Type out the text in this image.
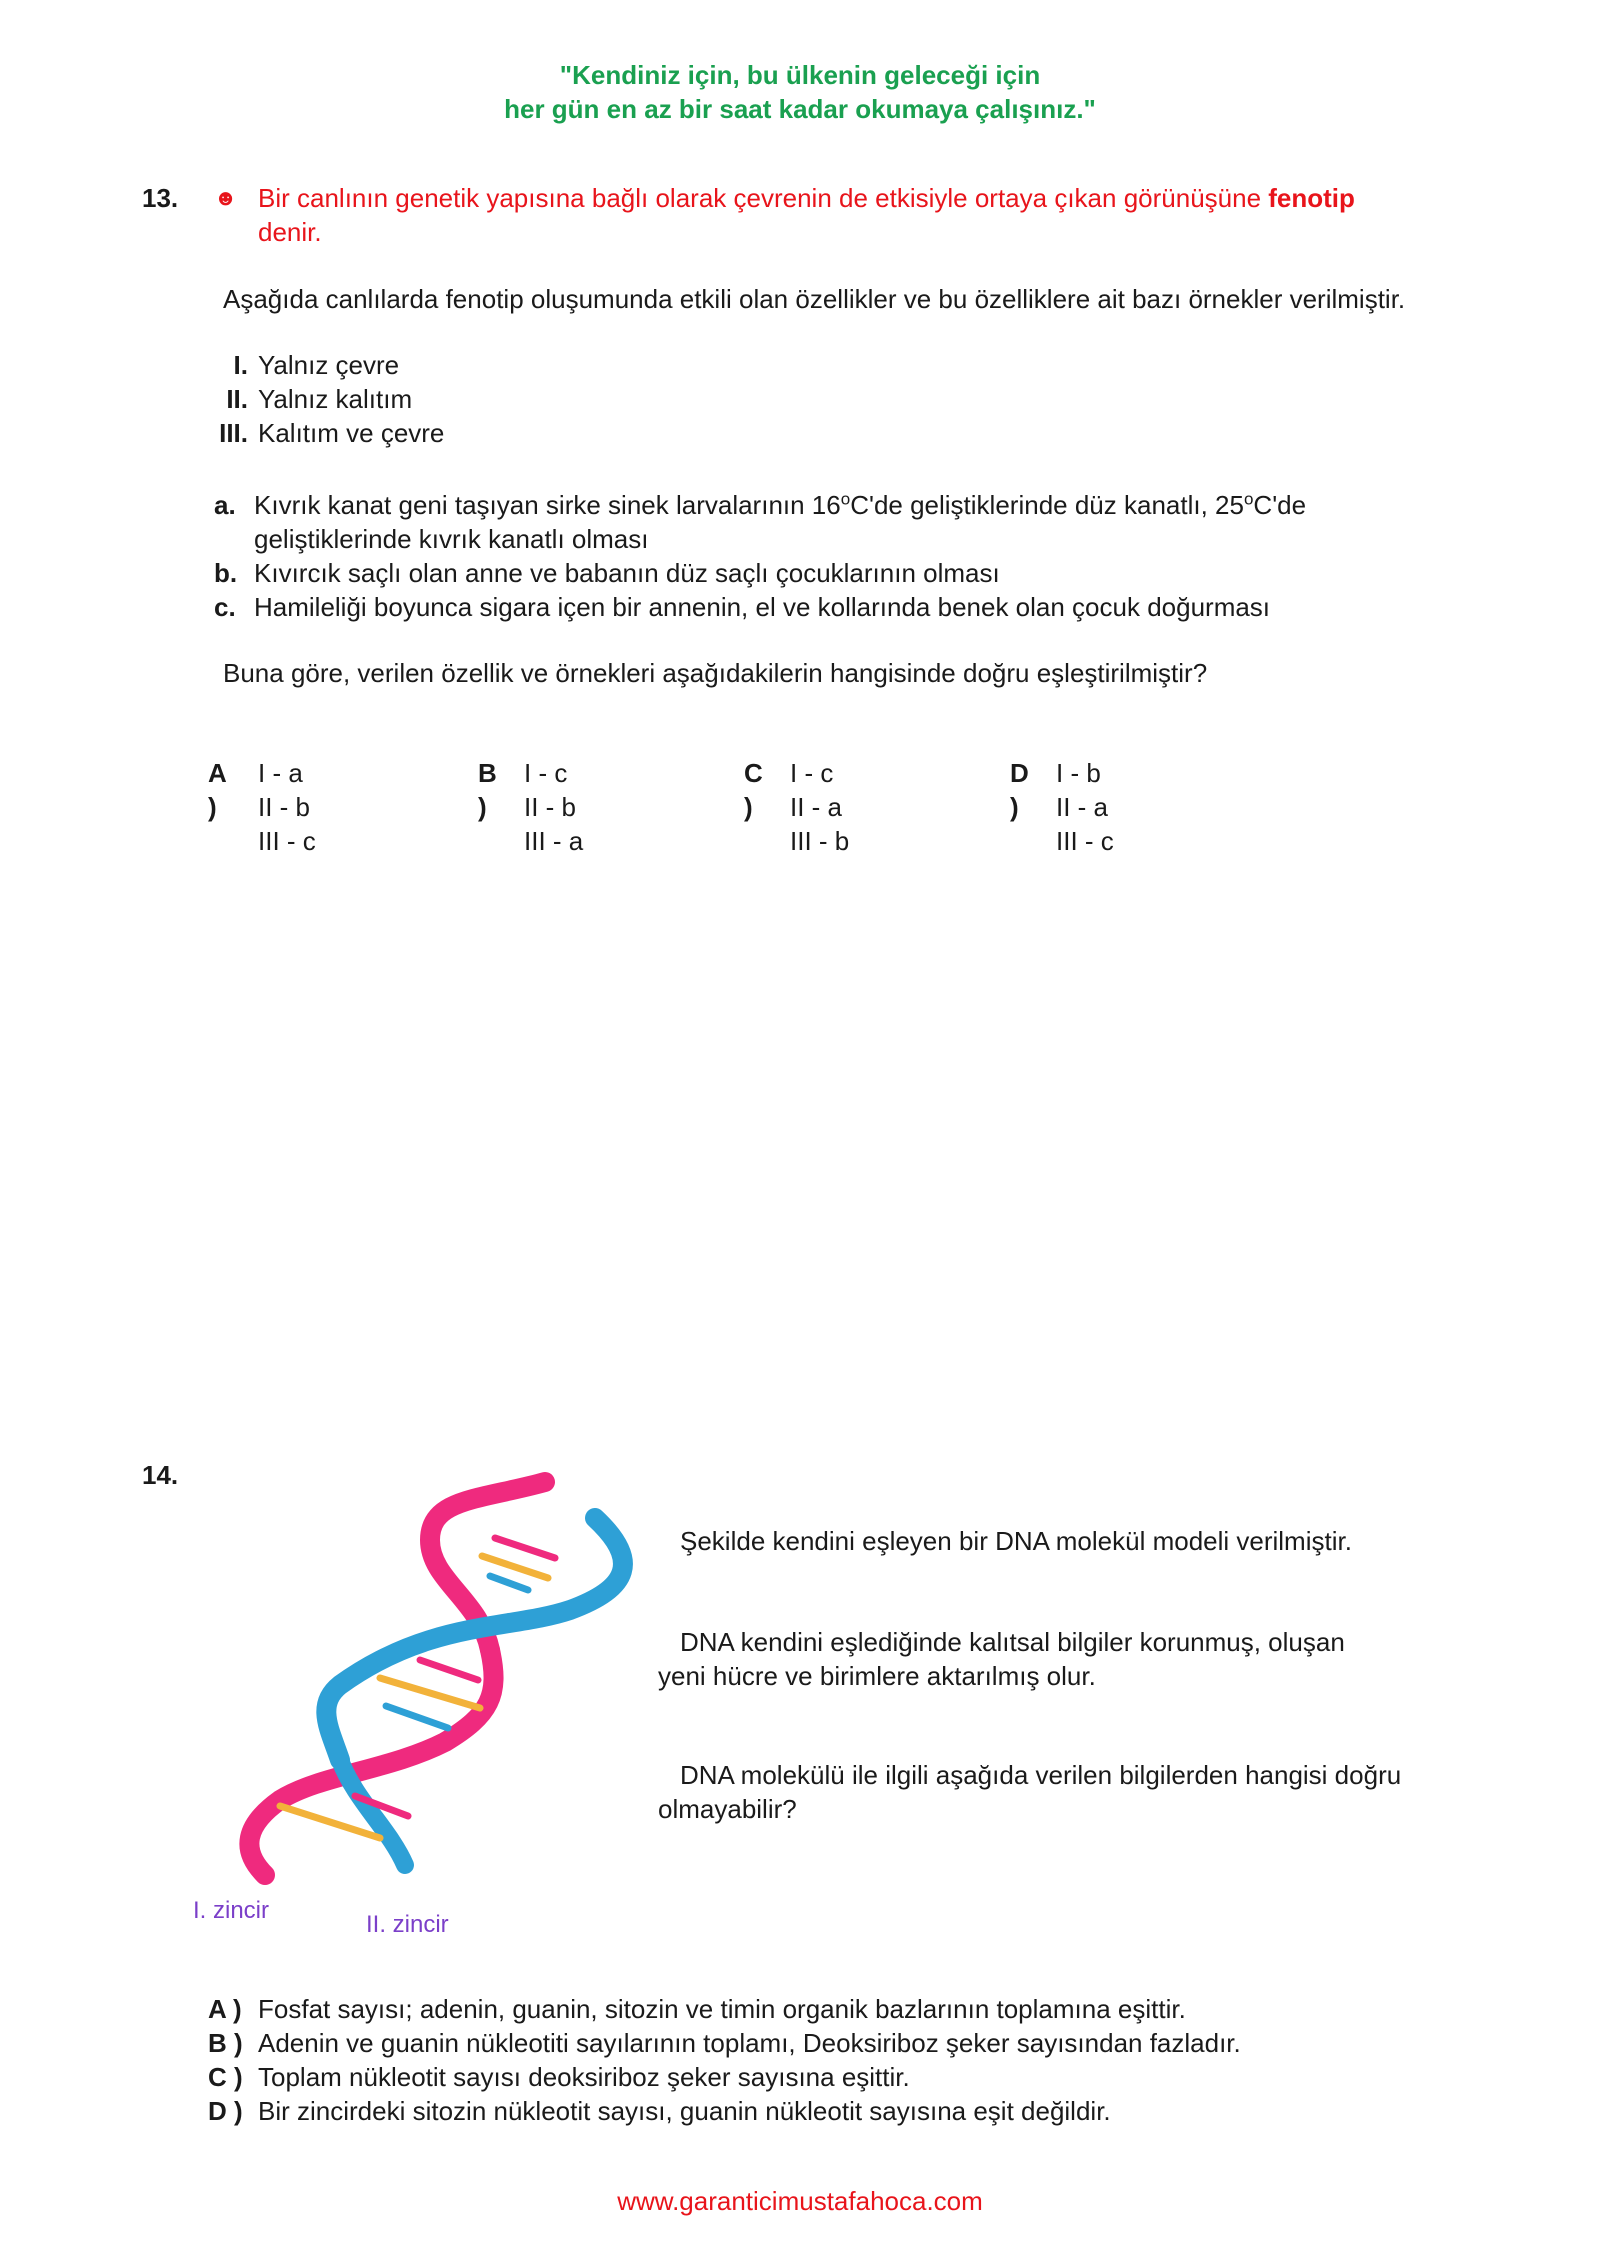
"Kendiniz için, bu ülkenin geleceği için
her gün en az bir saat kadar okumaya çalışınız."
13. ☻ Bir canlının genetik yapısına bağlı olarak çevrenin de etkisiyle ortaya çıkan görünüşüne fenotip
denir.
Aşağıda canlılarda fenotip oluşumunda etkili olan özellikler ve bu özelliklere ait bazı örnekler verilmiştir.
I. Yalnız çevre
II. Yalnız kalıtım
III. Kalıtım ve çevre
a. Kıvrık kanat geni taşıyan sirke sinek larvalarının 16$^o$C'de geliştiklerinde düz kanatlı, 25$^o$C'de
geliştiklerinde kıvrık kanatlı olması
b. Kıvırcık saçlı olan anne ve babanın düz saçlı çocuklarının olması
c. Hamileliği boyunca sigara içen bir annenin, el ve kollarında benek olan çocuk doğurması
Buna göre, verilen özellik ve örnekleri aşağıdakilerin hangisinde doğru eşleştirilmiştir?
A )
I - a
II - b
III - c
B )
I - c
II - b
III - a
C )
I - c
II - a
III - b
D )
I - b
II - a
III - c
14.
I. zincir
II. zincir
Şekilde kendini eşleyen bir DNA molekül modeli verilmiştir.
DNA kendini eşlediğinde kalıtsal bilgiler korunmuş, oluşan
yeni hücre ve birimlere aktarılmış olur.
DNA molekülü ile ilgili aşağıda verilen bilgilerden hangisi doğru
olmayabilir?
A ) Fosfat sayısı; adenin, guanin, sitozin ve timin organik bazlarının toplamına eşittir.
B ) Adenin ve guanin nükleotiti sayılarının toplamı, Deoksiriboz şeker sayısından fazladır.
C ) Toplam nükleotit sayısı deoksiriboz şeker sayısına eşittir.
D ) Bir zincirdeki sitozin nükleotit sayısı, guanin nükleotit sayısına eşit değildir.
www.garanticimustafahoca.com
